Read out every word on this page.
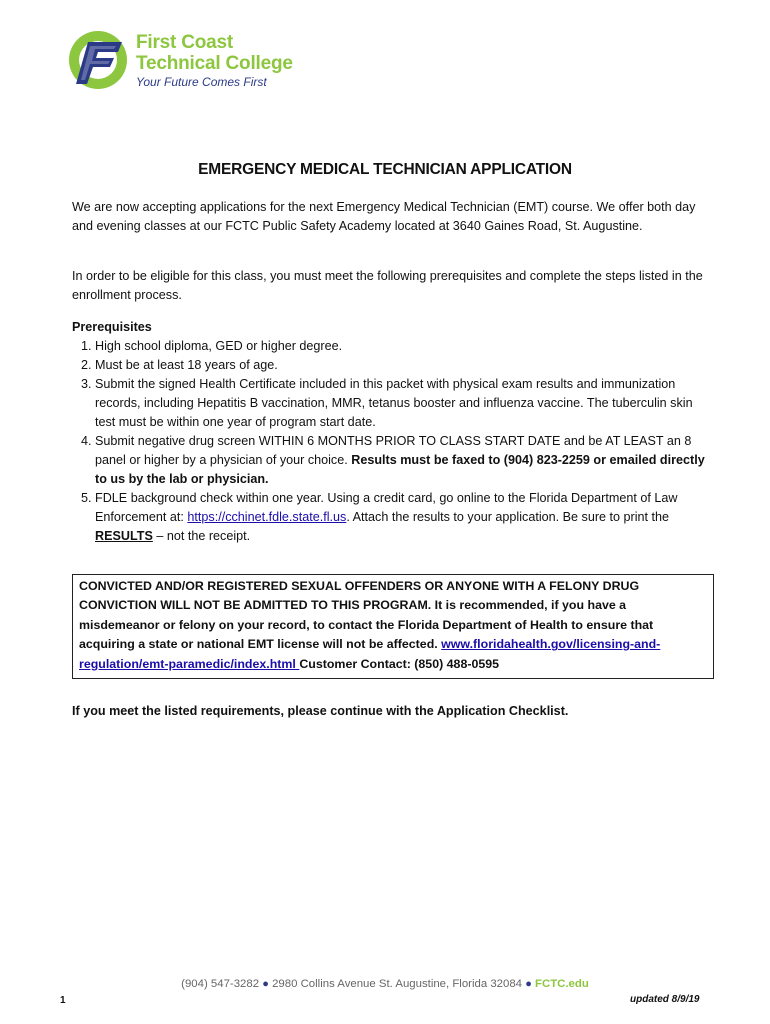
First Coast
Technical College
Your Future Comes First
EMERGENCY MEDICAL TECHNICIAN APPLICATION
We are now accepting applications for the next Emergency Medical Technician (EMT) course. We offer both day and evening classes at our FCTC Public Safety Academy located at 3640 Gaines Road, St. Augustine.
In order to be eligible for this class, you must meet the following prerequisites and complete the steps listed in the enrollment process.
Prerequisites
1. High school diploma, GED or higher degree.
2. Must be at least 18 years of age.
3. Submit the signed Health Certificate included in this packet with physical exam results and immunization records, including Hepatitis B vaccination, MMR, tetanus booster and influenza vaccine. The tuberculin skin test must be within one year of program start date.
4. Submit negative drug screen WITHIN 6 MONTHS PRIOR TO CLASS START DATE and be AT LEAST an 8 panel or higher by a physician of your choice. Results must be faxed to (904) 823-2259 or emailed directly to us by the lab or physician.
5. FDLE background check within one year. Using a credit card, go online to the Florida Department of Law Enforcement at: https://cchinet.fdle.state.fl.us. Attach the results to your application. Be sure to print the RESULTS – not the receipt.
CONVICTED AND/OR REGISTERED SEXUAL OFFENDERS OR ANYONE WITH A FELONY DRUG CONVICTION WILL NOT BE ADMITTED TO THIS PROGRAM. It is recommended, if you have a misdemeanor or felony on your record, to contact the Florida Department of Health to ensure that acquiring a state or national EMT license will not be affected. www.floridahealth.gov/licensing-and-regulation/emt-paramedic/index.html Customer Contact: (850) 488-0595
If you meet the listed requirements, please continue with the Application Checklist.
(904) 547-3282 ● 2980 Collins Avenue St. Augustine, Florida 32084 ● FCTC.edu
1	updated 8/9/19
